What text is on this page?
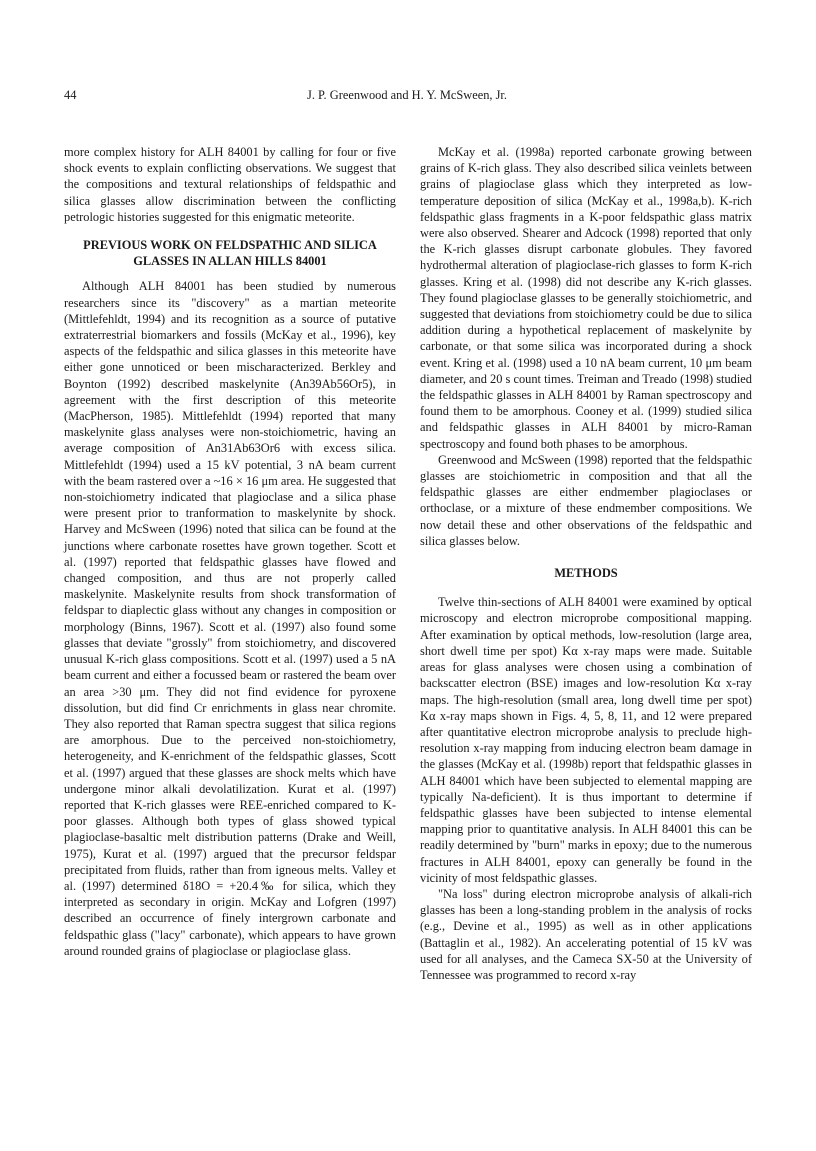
44	J. P. Greenwood and H. Y. McSween, Jr.

more complex history for ALH 84001 by calling for four or five shock events to explain conflicting observations. We suggest that the compositions and textural relationships of feldspathic and silica glasses allow discrimination between the conflicting petrologic histories suggested for this enigmatic meteorite.

PREVIOUS WORK ON FELDSPATHIC AND SILICA GLASSES IN ALLAN HILLS 84001

Although ALH 84001 has been studied by numerous researchers since its "discovery" as a martian meteorite (Mittlefehldt, 1994) and its recognition as a source of putative extraterrestrial biomarkers and fossils (McKay et al., 1996), key aspects of the feldspathic and silica glasses in this meteorite have either gone unnoticed or been mischaracterized. Berkley and Boynton (1992) described maskelynite (An39Ab56Or5), in agreement with the first description of this meteorite (MacPherson, 1985). Mittlefehldt (1994) reported that many maskelynite glass analyses were non-stoichiometric, having an average composition of An31Ab63Or6 with excess silica. Mittlefehldt (1994) used a 15 kV potential, 3 nA beam current with the beam rastered over a ~16 × 16 μm area. He suggested that non-stoichiometry indicated that plagioclase and a silica phase were present prior to tranformation to maskelynite by shock. Harvey and McSween (1996) noted that silica can be found at the junctions where carbonate rosettes have grown together. Scott et al. (1997) reported that feldspathic glasses have flowed and changed composition, and thus are not properly called maskelynite. Maskelynite results from shock transformation of feldspar to diaplectic glass without any changes in composition or morphology (Binns, 1967). Scott et al. (1997) also found some glasses that deviate "grossly" from stoichiometry, and discovered unusual K-rich glass compositions. Scott et al. (1997) used a 5 nA beam current and either a focussed beam or rastered the beam over an area >30 μm. They did not find evidence for pyroxene dissolution, but did find Cr enrichments in glass near chromite. They also reported that Raman spectra suggest that silica regions are amorphous. Due to the perceived non-stoichiometry, heterogeneity, and K-enrichment of the feldspathic glasses, Scott et al. (1997) argued that these glasses are shock melts which have undergone minor alkali devolatilization. Kurat et al. (1997) reported that K-rich glasses were REE-enriched compared to K-poor glasses. Although both types of glass showed typical plagioclase-basaltic melt distribution patterns (Drake and Weill, 1975), Kurat et al. (1997) argued that the precursor feldspar precipitated from fluids, rather than from igneous melts. Valley et al. (1997) determined δ18O = +20.4‰ for silica, which they interpreted as secondary in origin. McKay and Lofgren (1997) described an occurrence of finely intergrown carbonate and feldspathic glass ("lacy" carbonate), which appears to have grown around rounded grains of plagioclase or plagioclase glass.

McKay et al. (1998a) reported carbonate growing between grains of K-rich glass. They also described silica veinlets between grains of plagioclase glass which they interpreted as low-temperature deposition of silica (McKay et al., 1998a,b). K-rich feldspathic glass fragments in a K-poor feldspathic glass matrix were also observed. Shearer and Adcock (1998) reported that only the K-rich glasses disrupt carbonate globules. They favored hydrothermal alteration of plagioclase-rich glasses to form K-rich glasses. Kring et al. (1998) did not describe any K-rich glasses. They found plagioclase glasses to be generally stoichiometric, and suggested that deviations from stoichiometry could be due to silica addition during a hypothetical replacement of maskelynite by carbonate, or that some silica was incorporated during a shock event. Kring et al. (1998) used a 10 nA beam current, 10 μm beam diameter, and 20 s count times. Treiman and Treado (1998) studied the feldspathic glasses in ALH 84001 by Raman spectroscopy and found them to be amorphous. Cooney et al. (1999) studied silica and feldspathic glasses in ALH 84001 by micro-Raman spectroscopy and found both phases to be amorphous.

Greenwood and McSween (1998) reported that the feldspathic glasses are stoichiometric in composition and that all the feldspathic glasses are either endmember plagioclases or orthoclase, or a mixture of these endmember compositions. We now detail these and other observations of the feldspathic and silica glasses below.

METHODS

Twelve thin-sections of ALH 84001 were examined by optical microscopy and electron microprobe compositional mapping. After examination by optical methods, low-resolution (large area, short dwell time per spot) Kα x-ray maps were made. Suitable areas for glass analyses were chosen using a combination of backscatter electron (BSE) images and low-resolution Kα x-ray maps. The high-resolution (small area, long dwell time per spot) Kα x-ray maps shown in Figs. 4, 5, 8, 11, and 12 were prepared after quantitative electron microprobe analysis to preclude high-resolution x-ray mapping from inducing electron beam damage in the glasses (McKay et al. (1998b) report that feldspathic glasses in ALH 84001 which have been subjected to elemental mapping are typically Na-deficient). It is thus important to determine if feldspathic glasses have been subjected to intense elemental mapping prior to quantitative analysis. In ALH 84001 this can be readily determined by "burn" marks in epoxy; due to the numerous fractures in ALH 84001, epoxy can generally be found in the vicinity of most feldspathic glasses.

"Na loss" during electron microprobe analysis of alkali-rich glasses has been a long-standing problem in the analysis of rocks (e.g., Devine et al., 1995) as well as in other applications (Battaglin et al., 1982). An accelerating potential of 15 kV was used for all analyses, and the Cameca SX-50 at the University of Tennessee was programmed to record x-ray
